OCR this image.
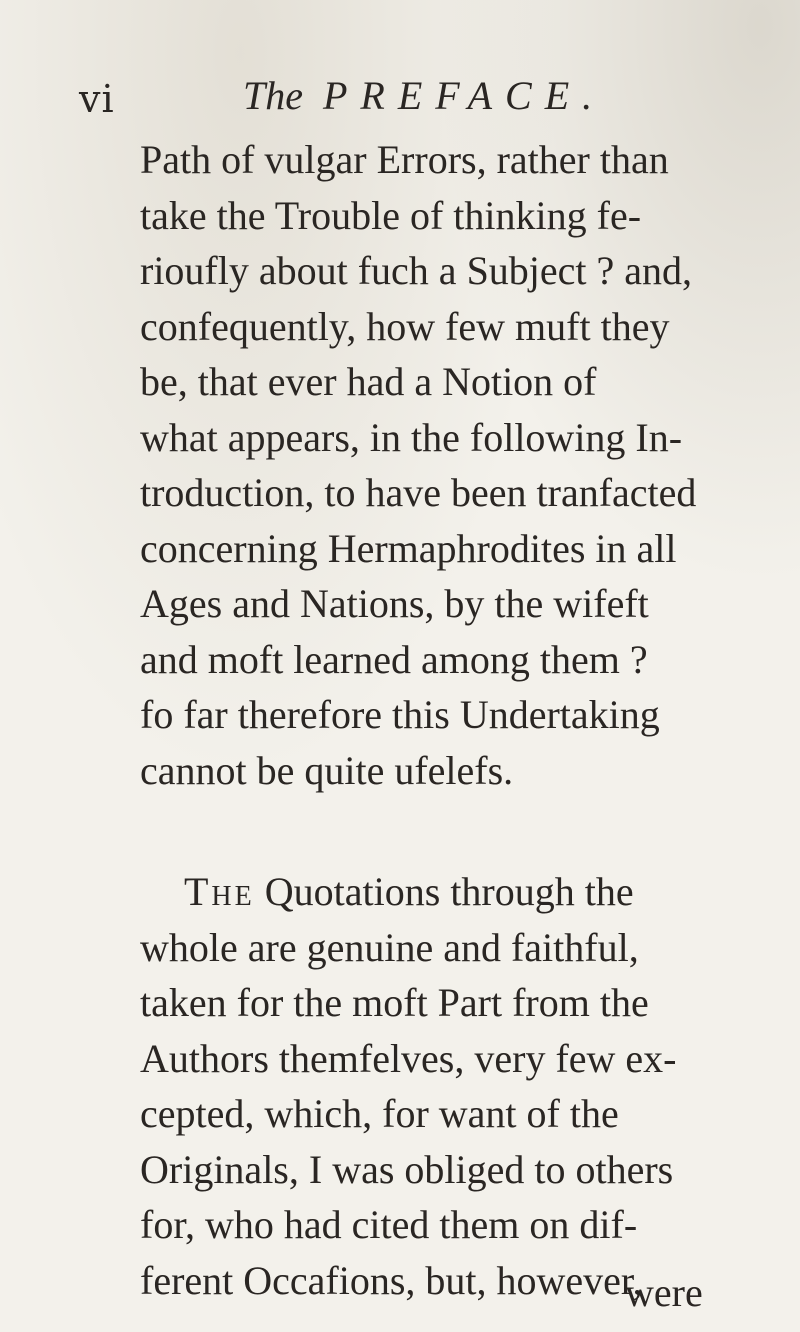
vi	The PREFACE.
Path of vulgar Errors, rather than
take the Trouble of thinking fe-
rioufly about fuch a Subject ? and,
confequently, how few muft they
be, that ever had a Notion of
what appears, in the following In-
troduction, to have been tranfacted
concerning Hermaphrodites in all
Ages and Nations, by the wifeft
and moft learned among them ?
fo far therefore this Undertaking
cannot be quite ufelefs.
The Quotations through the
whole are genuine and faithful,
taken for the moft Part from the
Authors themfelves, very few ex-
cepted, which, for want of the
Originals, I was obliged to others
for, who had cited them on dif-
ferent Occafions, but, however,
were
